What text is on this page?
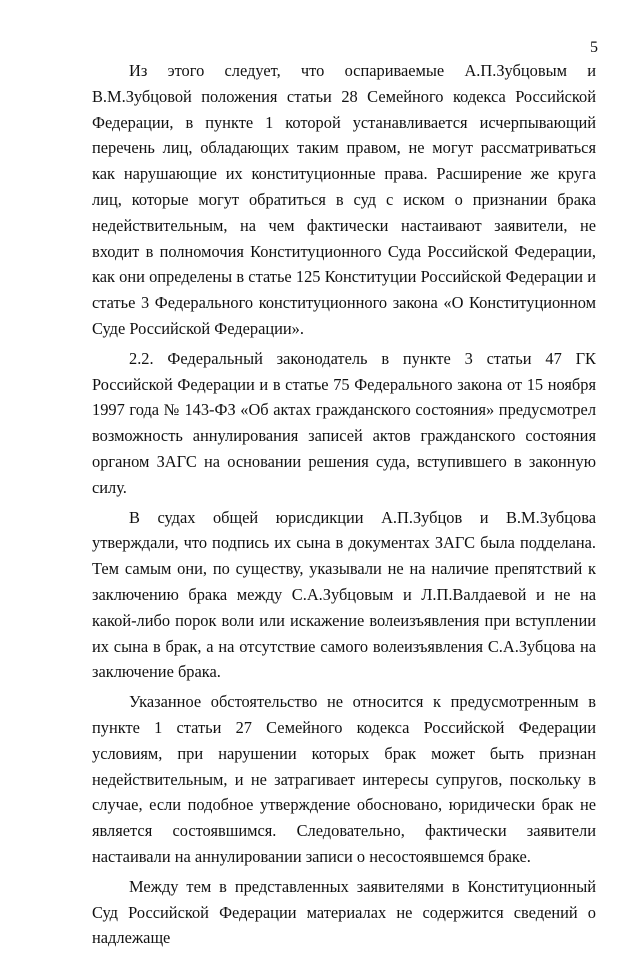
5

Из этого следует, что оспариваемые А.П.Зубцовым и В.М.Зубцовой положения статьи 28 Семейного кодекса Российской Федерации, в пункте 1 которой устанавливается исчерпывающий перечень лиц, обладающих таким правом, не могут рассматриваться как нарушающие их конституционные права. Расширение же круга лиц, которые могут обратиться в суд с иском о признании брака недействительным, на чем фактически настаивают заявители, не входит в полномочия Конституционного Суда Российской Федерации, как они определены в статье 125 Конституции Российской Федерации и статье 3 Федерального конституционного закона «О Конституционном Суде Российской Федерации».

2.2. Федеральный законодатель в пункте 3 статьи 47 ГК Российской Федерации и в статье 75 Федерального закона от 15 ноября 1997 года № 143-ФЗ «Об актах гражданского состояния» предусмотрел возможность аннулирования записей актов гражданского состояния органом ЗАГС на основании решения суда, вступившего в законную силу.

В судах общей юрисдикции А.П.Зубцов и В.М.Зубцова утверждали, что подпись их сына в документах ЗАГС была подделана. Тем самым они, по существу, указывали не на наличие препятствий к заключению брака между С.А.Зубцовым и Л.П.Валдаевой и не на какой-либо порок воли или искажение волеизъявления при вступлении их сына в брак, а на отсутствие самого волеизъявления С.А.Зубцова на заключение брака.

Указанное обстоятельство не относится к предусмотренным в пункте 1 статьи 27 Семейного кодекса Российской Федерации условиям, при нарушении которых брак может быть признан недействительным, и не затрагивает интересы супругов, поскольку в случае, если подобное утверждение обосновано, юридически брак не является состоявшимся. Следовательно, фактически заявители настаивали на аннулировании записи о несостоявшемся браке.

Между тем в представленных заявителями в Конституционный Суд Российской Федерации материалах не содержится сведений о надлежаще
